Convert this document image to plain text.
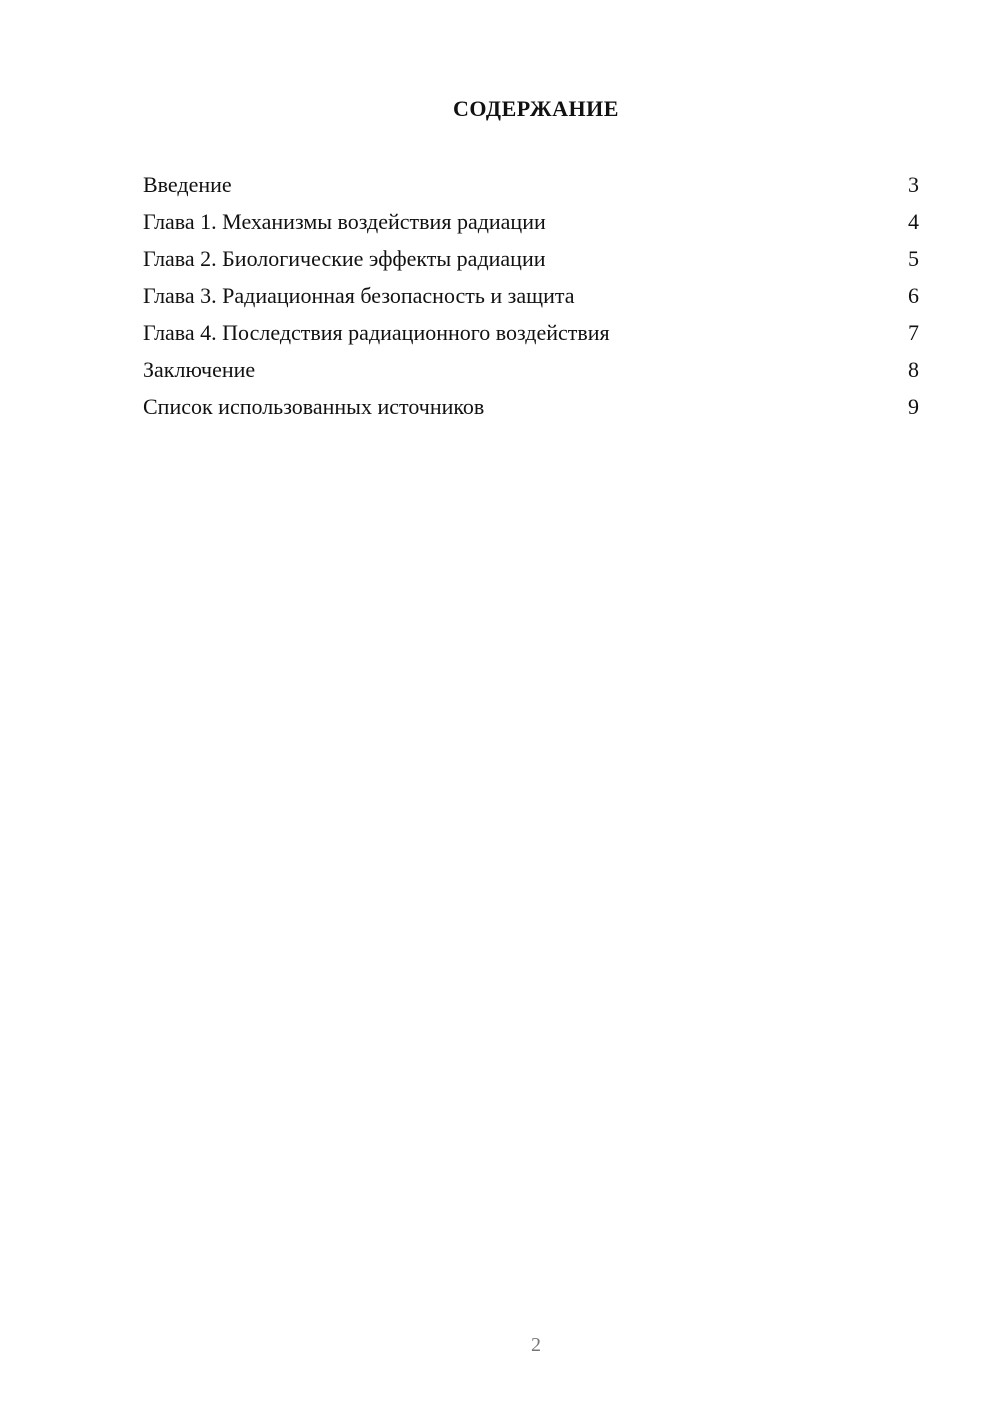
СОДЕРЖАНИЕ
Введение	3
Глава 1. Механизмы воздействия радиации	4
Глава 2. Биологические эффекты радиации	5
Глава 3. Радиационная безопасность и защита	6
Глава 4. Последствия радиационного воздействия	7
Заключение	8
Список использованных источников	9
2
